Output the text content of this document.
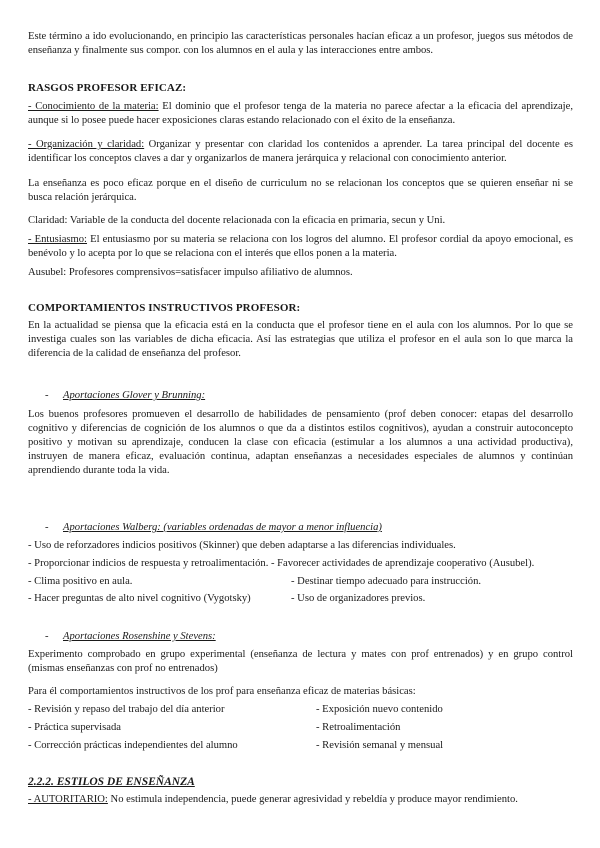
Este término a ido evolucionando, en principio las características personales hacían eficaz a un profesor, juegos sus métodos de enseñanza y finalmente sus compor. con los alumnos en el aula y las interacciones entre ambos.

RASGOS PROFESOR EFICAZ:

- Conocimiento de la materia: El dominio que el profesor tenga de la materia no parece afectar a la eficacia del aprendizaje, aunque si lo posee puede hacer exposiciones claras estando relacionado con el éxito de la enseñanza.

- Organización y claridad: Organizar y presentar con claridad los contenidos a aprender. La tarea principal del docente es identificar los conceptos claves a dar y organizarlos de manera jerárquica y relacional con conocimiento anterior.

La enseñanza es poco eficaz porque en el diseño de curriculum no se relacionan los conceptos que se quieren enseñar ni se busca relación jerárquica.

Claridad: Variable de la conducta del docente relacionada con la eficacia en primaria, secun y Uni.

- Entusiasmo: El entusiasmo por su materia se relaciona con los logros del alumno. El profesor cordial da apoyo emocional, es benévolo y lo acepta por lo que se relaciona con el interés que ellos ponen a la materia.

Ausubel: Profesores comprensivos=satisfacer impulso afiliativo de alumnos.

COMPORTAMIENTOS INSTRUCTIVOS PROFESOR:

En la actualidad se piensa que la eficacia está en la conducta que el profesor tiene en el aula con los alumnos. Por lo que se investiga cuales son las variables de dicha eficacia. Así las estrategias que utiliza el profesor en el aula son lo que marca la diferencia de la calidad de enseñanza del profesor.

- Aportaciones Glover y Brunning:

Los buenos profesores promueven el desarrollo de habilidades de pensamiento (prof deben conocer: etapas del desarrollo cognitivo y diferencias de cognición de los alumnos o que da a distintos estilos cognitivos), ayudan a construir autoconcepto positivo y motivan su aprendizaje, conducen la clase con eficacia (estimular a los alumnos a una actividad productiva), instruyen de manera eficaz, evaluación continua, adaptan enseñanzas a necesidades especiales de alumnos y continúan aprendiendo durante toda la vida.

- Aportaciones Walberg: (variables ordenadas de mayor a menor influencia)

- Uso de reforzadores indicios positivos (Skinner) que deben adaptarse a las diferencias individuales.

- Proporcionar indicios de respuesta y retroalimentación. - Favorecer actividades de aprendizaje cooperativo (Ausubel).

- Clima positivo en aula.	- Destinar tiempo adecuado para instrucción.
- Hacer preguntas de alto nivel cognitivo (Vygotsky)	- Uso de organizadores previos.

- Aportaciones Rosenshine y Stevens:

Experimento comprobado en grupo experimental (enseñanza de lectura y mates con prof entrenados) y en grupo control (mismas enseñanzas con prof no entrenados)

Para él comportamientos instructivos de los prof para enseñanza eficaz de materias básicas:

- Revisión y repaso del trabajo del día anterior	- Exposición nuevo contenido
- Práctica supervisada	- Retroalimentación
- Corrección prácticas independientes del alumno	- Revisión semanal y mensual

2.2.2. ESTILOS DE ENSEÑANZA

- AUTORITARIO: No estimula independencia, puede generar agresividad y rebeldía y produce mayor rendimiento.
